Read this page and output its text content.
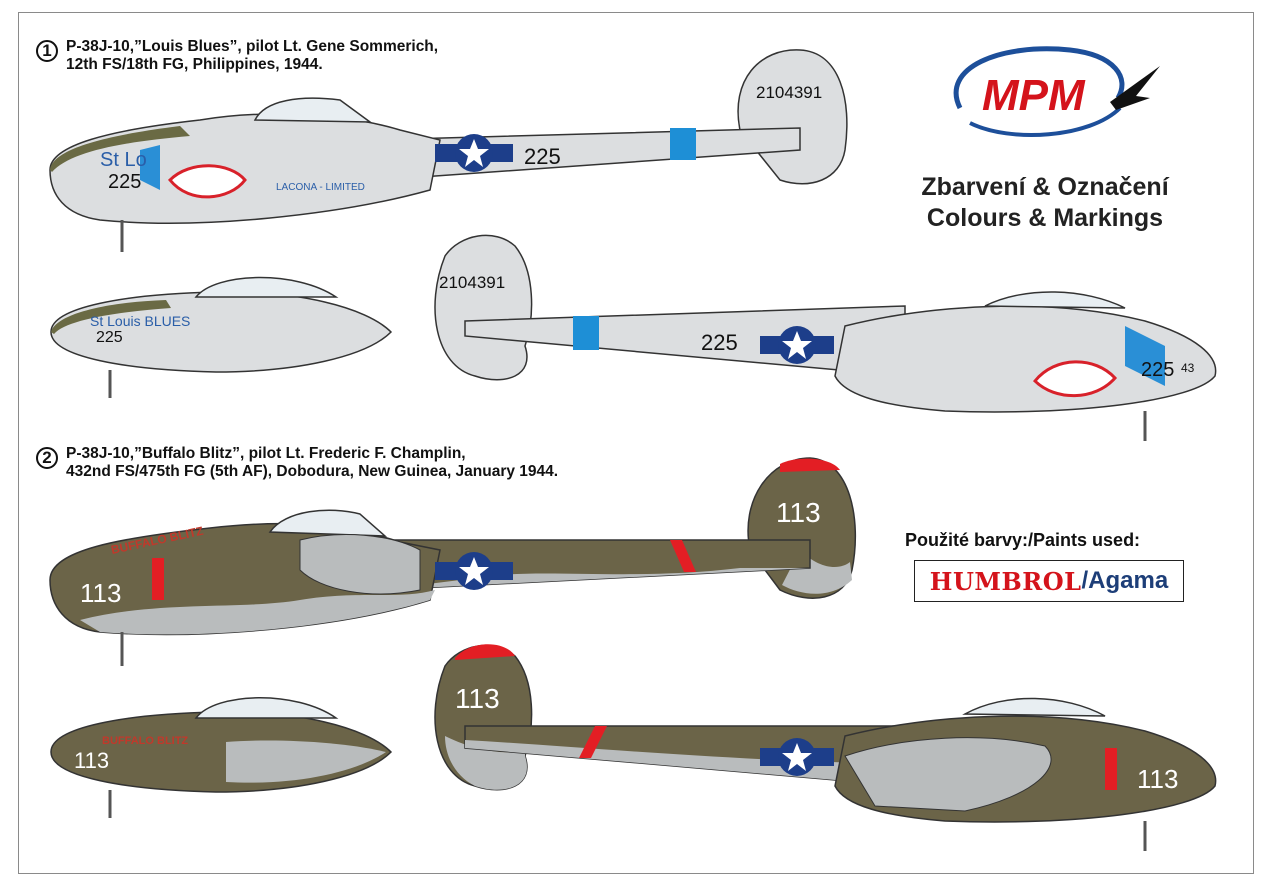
1 P-38J-10,”Louis Blues”, pilot Lt. Gene Sommerich,
12th FS/18th FG, Philippines, 1944.
2 P-38J-10,”Buffalo Blitz”, pilot Lt. Frederic F. Champlin,
432nd FS/475th FG (5th AF), Dobodura, New Guinea, January 1944.
MPM
Zbarvení & Označení
Colours & Markings
Použité barvy:/Paints used:
HUMBROL / Agama
St Lo
225	LACONA - LIMITED
225
2104391
St Louis BLUES
225	225
2104391
225 43
BUFFALO BLITZ
113
113
BUFFALO BLITZ
113
113
113
